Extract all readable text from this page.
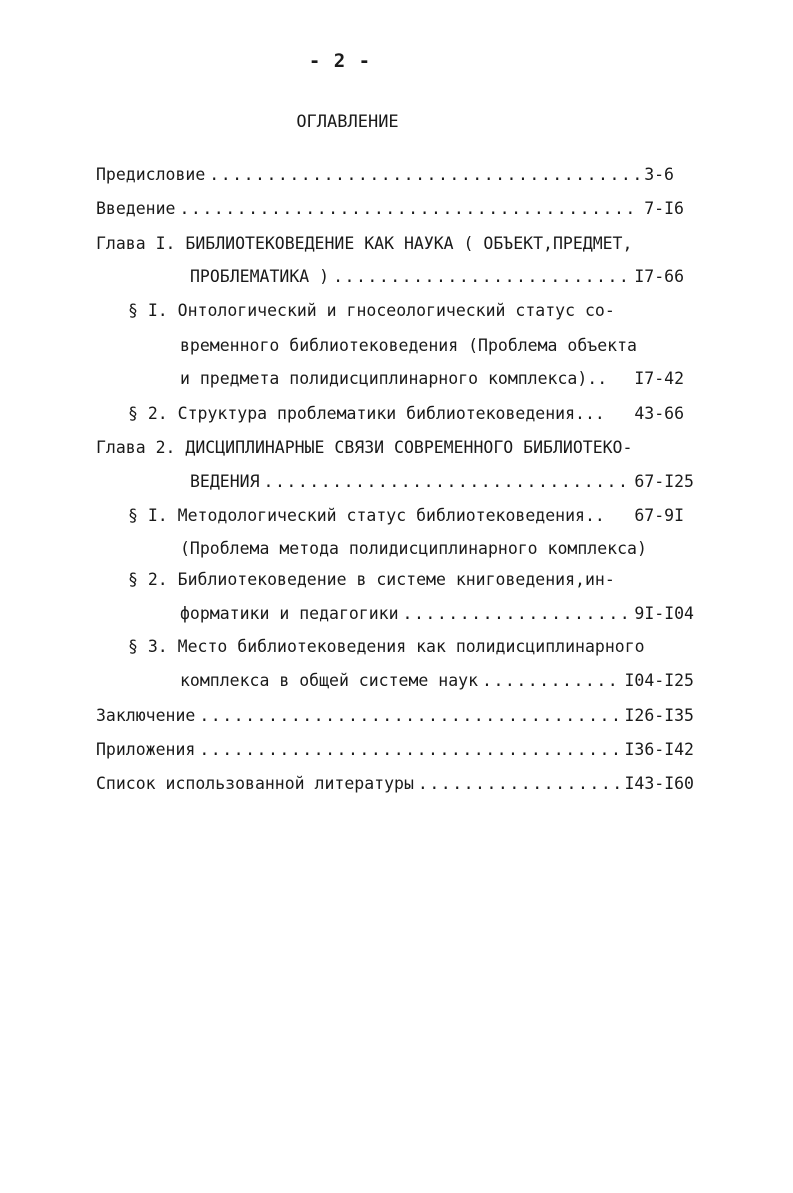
- 2 -
ОГЛАВЛЕНИЕ
Предисловие .....	3-6
Введение .....	7-I6
Глава I. БИБЛИОТЕКОВЕДЕНИЕ КАК НАУКА ( ОБЪЕКТ,ПРЕДМЕТ,
ПРОБЛЕМАТИКА ) .....	I7-66
§ I. Онтологический и гносеологический статус со-
временного библиотековедения (Проблема объекта
и предмета полидисциплинарного комплекса).. I7-42
§ 2. Структура проблематики библиотековедения... 43-66
Глава 2. ДИСЦИПЛИНАРНЫЕ СВЯЗИ СОВРЕМЕННОГО БИБЛИОТЕКО-
ВЕДЕНИЯ .....	67-I25
§ I. Методологический статус библиотековедения.. 67-9I
(Проблема метода полидисциплинарного комплекса)
§ 2. Библиотековедение в системе книговедения,ин-
форматики и педагогики .....	9I-I04
§ 3. Место библиотековедения как полидисциплинарного
комплекса в общей системе наук .....	I04-I25
Заключение .....	I26-I35
Приложения .....	I36-I42
Список использованной литературы .....	I43-I60
